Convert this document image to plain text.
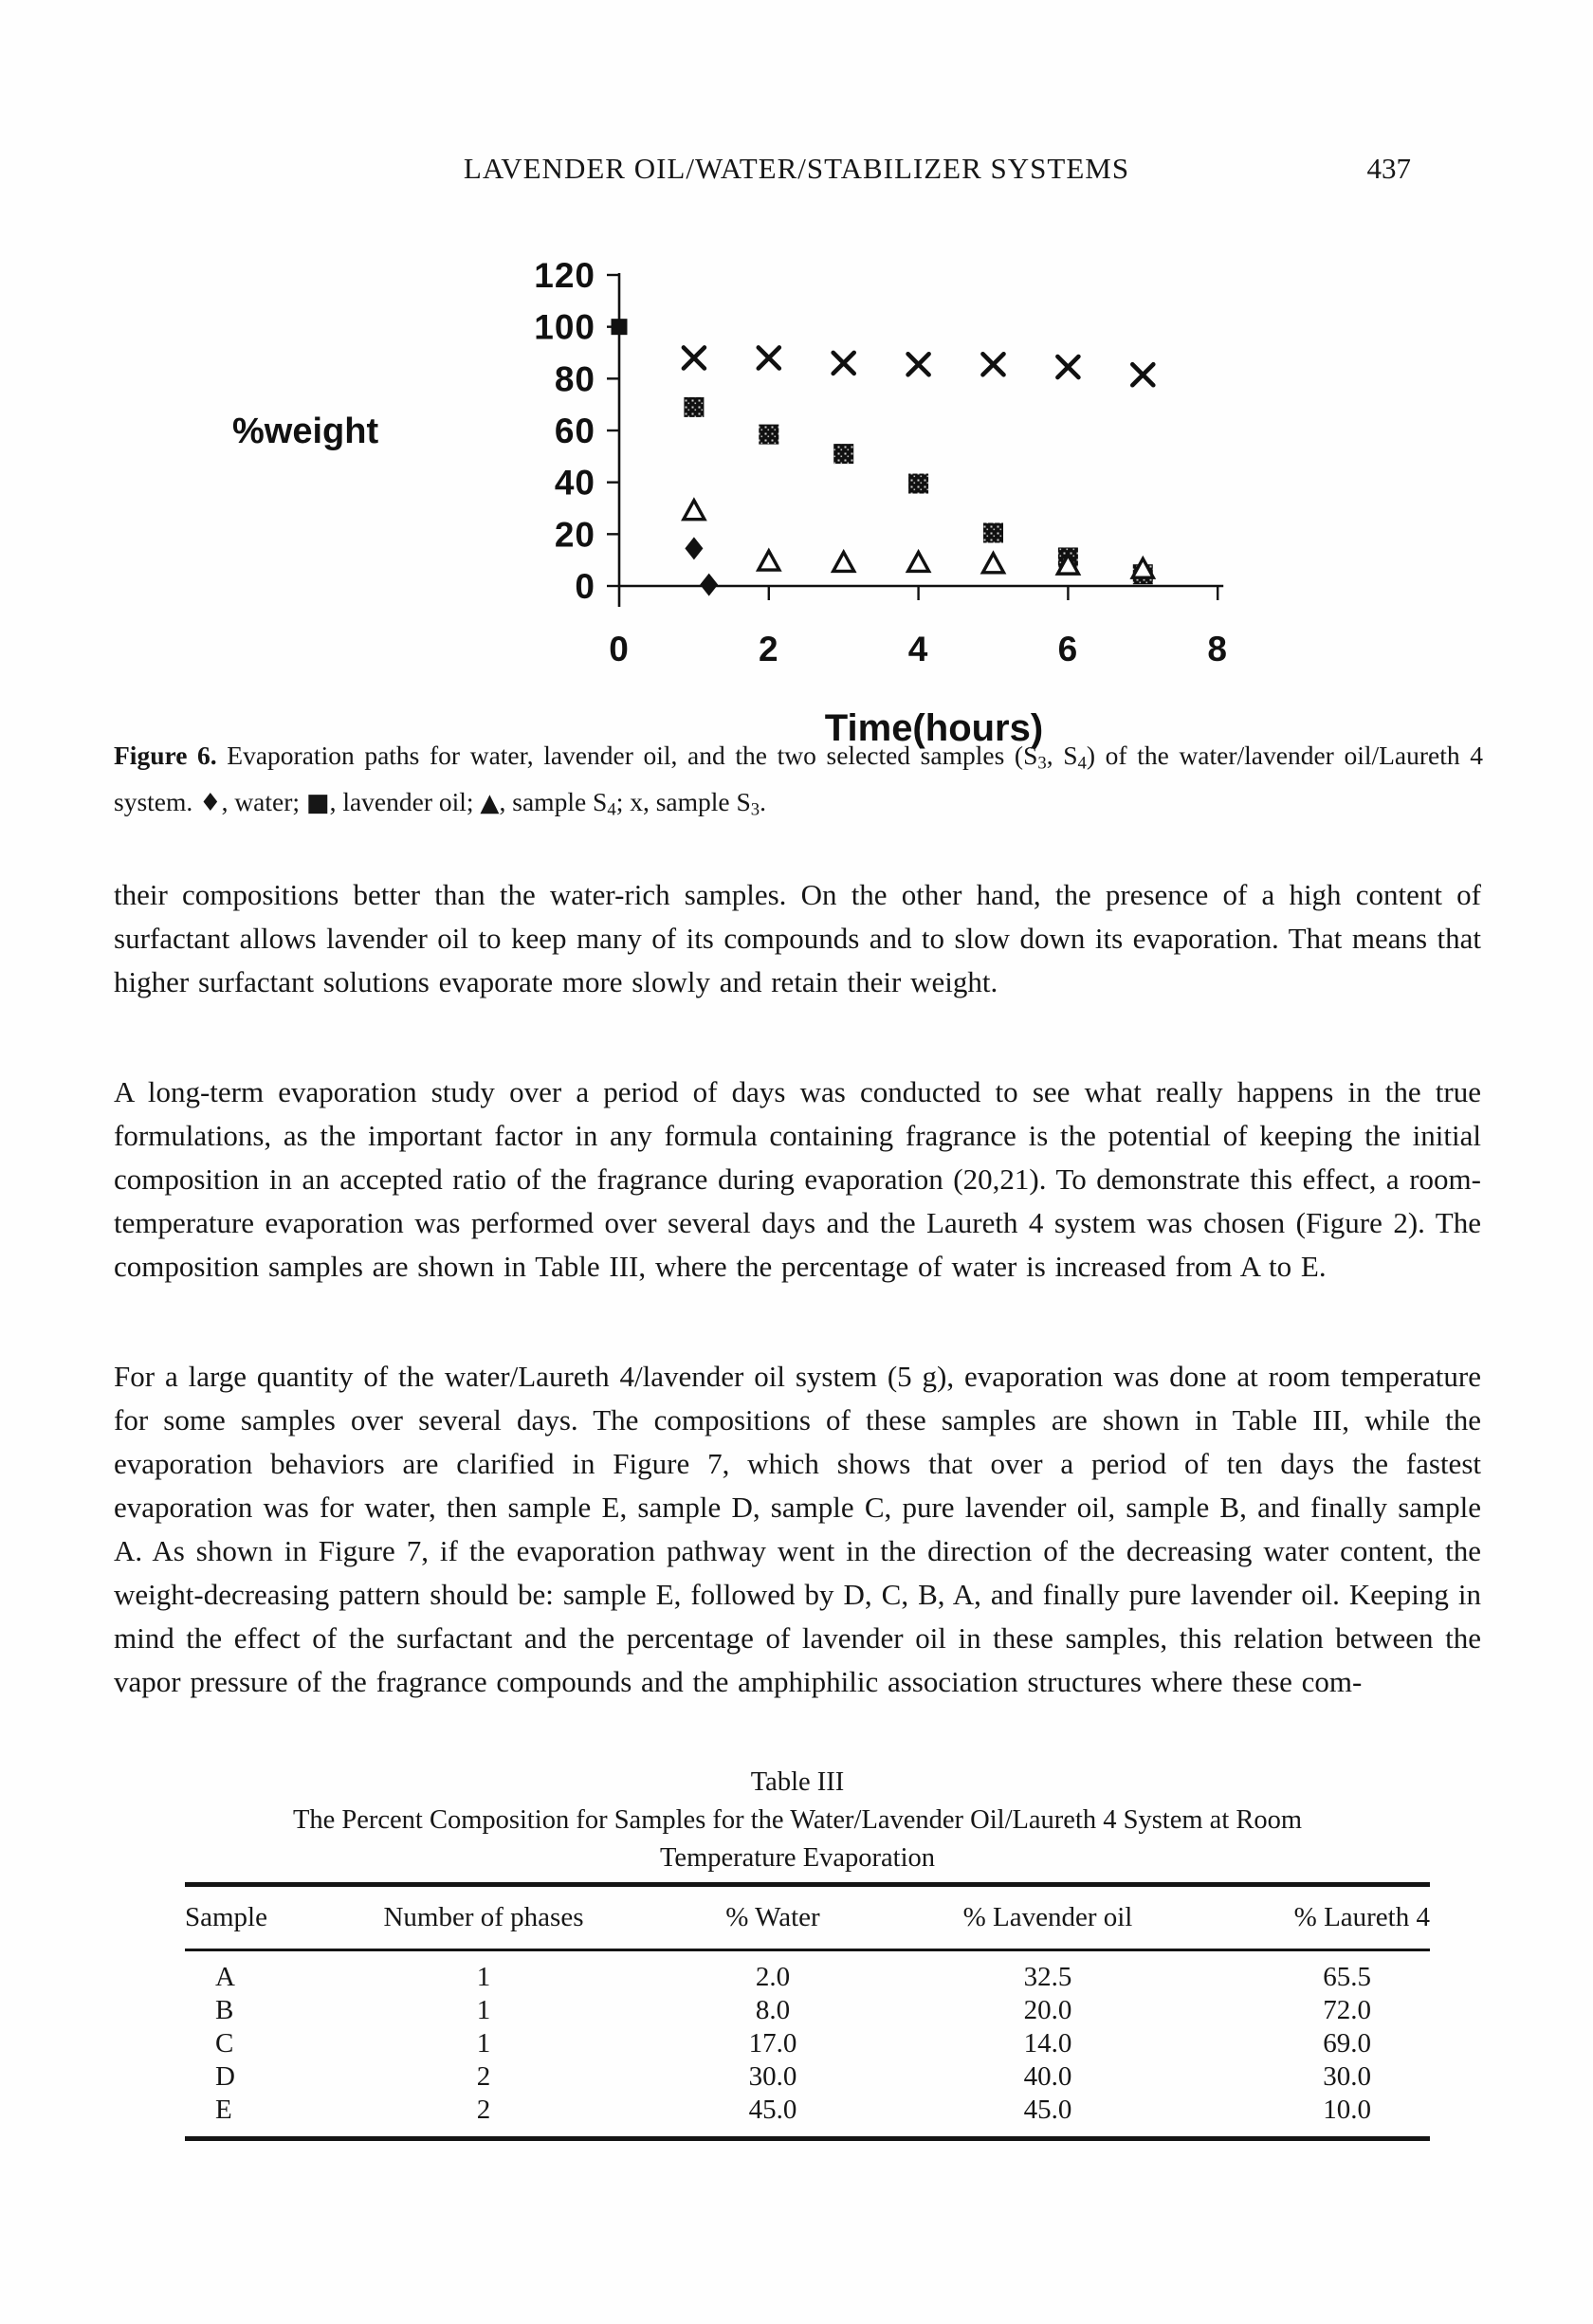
LAVENDER OIL/WATER/STABILIZER SYSTEMS	437
0
20
40
60
80
100
120
0	2	4	6	8
%weight
Time(hours)

Figure 6. Evaporation paths for water, lavender oil, and the two selected samples (S3, S4) of the water/lavender oil/Laureth 4 system. ♦, water; ■, lavender oil; ▲, sample S4; x, sample S3.

their compositions better than the water-rich samples. On the other hand, the presence of a high content of surfactant allows lavender oil to keep many of its compounds and to slow down its evaporation. That means that higher surfactant solutions evaporate more slowly and retain their weight.

A long-term evaporation study over a period of days was conducted to see what really happens in the true formulations, as the important factor in any formula containing fragrance is the potential of keeping the initial composition in an accepted ratio of the fragrance during evaporation (20,21). To demonstrate this effect, a room-temperature evaporation was performed over several days and the Laureth 4 system was chosen (Figure 2). The composition samples are shown in Table III, where the percentage of water is increased from A to E.

For a large quantity of the water/Laureth 4/lavender oil system (5 g), evaporation was done at room temperature for some samples over several days. The compositions of these samples are shown in Table III, while the evaporation behaviors are clarified in Figure 7, which shows that over a period of ten days the fastest evaporation was for water, then sample E, sample D, sample C, pure lavender oil, sample B, and finally sample A. As shown in Figure 7, if the evaporation pathway went in the direction of the decreasing water content, the weight-decreasing pattern should be: sample E, followed by D, C, B, A, and finally pure lavender oil. Keeping in mind the effect of the surfactant and the percentage of lavender oil in these samples, this relation between the vapor pressure of the fragrance compounds and the amphiphilic association structures where these com-

Table III
The Percent Composition for Samples for the Water/Lavender Oil/Laureth 4 System at Room
Temperature Evaporation
Sample	Number of phases	% Water	% Lavender oil	% Laureth 4
A	1	2.0	32.5	65.5
B	1	8.0	20.0	72.0
C	1	17.0	14.0	69.0
D	2	30.0	40.0	30.0
E	2	45.0	45.0	10.0
